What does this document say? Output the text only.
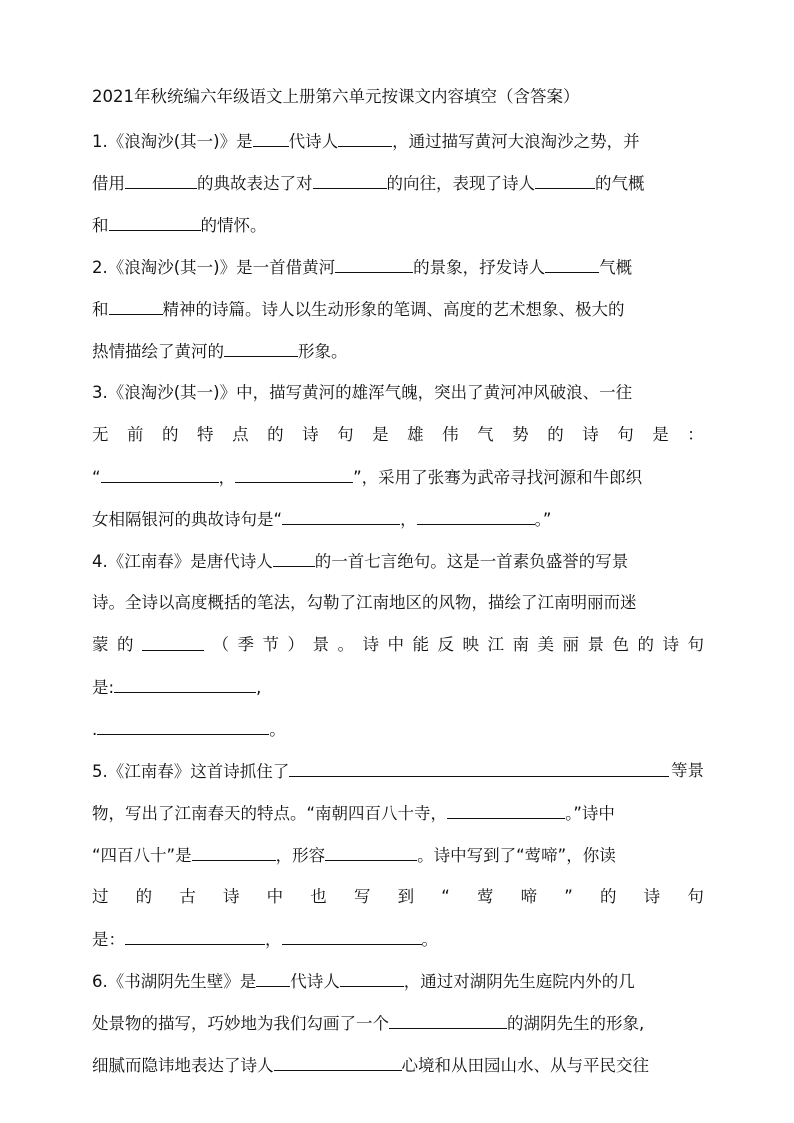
2021年秋统编六年级语文上册第六单元按课文内容填空（含答案）
1.《浪淘沙(其一)》是 代诗人	，通过描写黄河大浪淘沙之势，并
借用	的典故表达了对	的向往，表现了诗人	的气概
和	的情怀。
2.《浪淘沙(其一)》是一首借黄河	的景象，抒发诗人	气概
和	精神的诗篇。诗人以生动形象的笔调、高度的艺术想象、极大的
热情描绘了黄河的	形象。
3.《浪淘沙(其一)》中，描写黄河的雄浑气魄，突出了黄河冲风破浪、一往
无 前 的 特 点 的 诗 句 是 雄 伟 气 势 的 诗 句 是 ：
“	，	”，采用了张骞为武帝寻找河源和牛郎织
女相隔银河的典故诗句是“	，	。”
4.《江南春》是唐代诗人	的一首七言绝句。这是一首素负盛誉的写景
诗。全诗以高度概括的笔法，勾勒了江南地区的风物，描绘了江南明丽而迷
蒙 的	（ 季 节 ） 景 。 诗 中 能 反 映 江 南 美 丽 景 色 的 诗 句
是:	,
.	。
5.《江南春》这首诗抓住了	等景
物，写出了江南春天的特点。“南朝四百八十寺，	。”诗中
“四百八十”是	，形容	。诗中写到了“莺啼”，你读
过 的 古 诗 中 也 写 到 “ 莺 啼 ” 的 诗 句
是：	，	。
6.《书湖阴先生壁》是 代诗人	，通过对湖阴先生庭院内外的几
处景物的描写，巧妙地为我们勾画了一个	的湖阴先生的形象,
细腻而隐讳地表达了诗人	心境和从田园山水、从与平民交往
